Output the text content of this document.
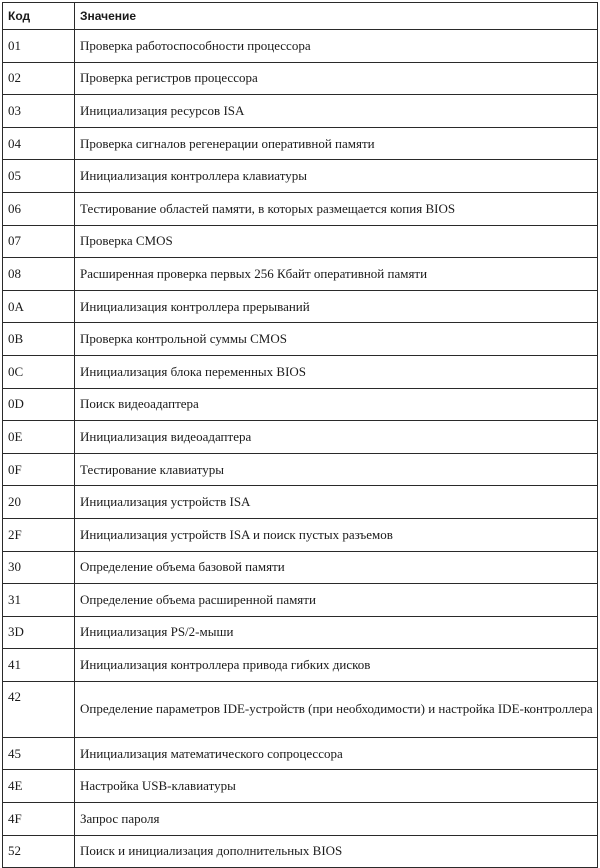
Код	Значение
01	Проверка работоспособности процессора
02	Проверка регистров процессора
03	Инициализация ресурсов ISA
04	Проверка сигналов регенерации оперативной памяти
05	Инициализация контроллера клавиатуры
06	Тестирование областей памяти, в которых размещается копия BIOS
07	Проверка CMOS
08	Расширенная проверка первых 256 Кбайт оперативной памяти
0A	Инициализация контроллера прерываний
0B	Проверка контрольной суммы CMOS
0C	Инициализация блока переменных BIOS
0D	Поиск видеоадаптера
0E	Инициализация видеоадаптера
0F	Тестирование клавиатуры
20	Инициализация устройств ISA
2F	Инициализация устройств ISA и поиск пустых разъемов
30	Определение объема базовой памяти
31	Определение объема расширенной памяти
3D	Инициализация PS/2-мыши
41	Инициализация контроллера привода гибких дисков
42	Определение параметров IDE-устройств (при необходимости) и настройка IDE-контроллера
45	Инициализация математического сопроцессора
4E	Настройка USB-клавиатуры
4F	Запрос пароля
52	Поиск и инициализация дополнительных BIOS
